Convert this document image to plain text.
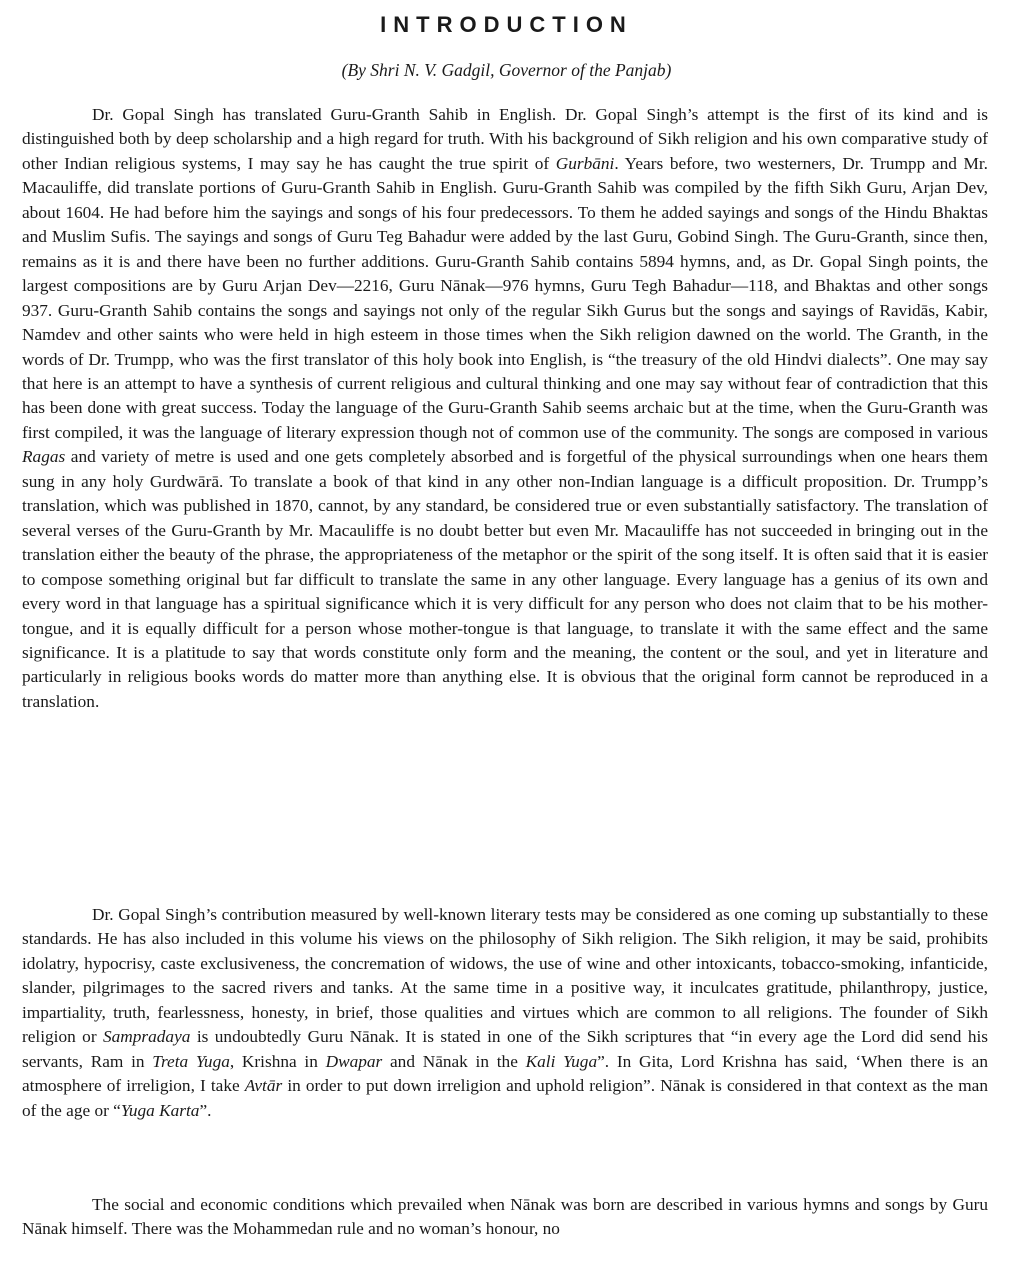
INTRODUCTION
(By Shri N. V. Gadgil, Governor of the Panjab)

Dr. Gopal Singh has translated Guru-Granth Sahib in English. Dr. Gopal Singh’s attempt is the first of its kind and is distinguished both by deep scholarship and a high regard for truth. With his background of Sikh religion and his own comparative study of other Indian religious systems, I may say he has caught the true spirit of Gurbāni. Years before, two westerners, Dr. Trumpp and Mr. Macauliffe, did translate portions of Guru-Granth Sahib in English. Guru-Granth Sahib was compiled by the fifth Sikh Guru, Arjan Dev, about 1604. He had before him the sayings and songs of his four predecessors. To them he added sayings and songs of the Hindu Bhaktas and Muslim Sufis. The sayings and songs of Guru Teg Bahadur were added by the last Guru, Gobind Singh. The Guru-Granth, since then, remains as it is and there have been no further additions. Guru-Granth Sahib contains 5894 hymns, and, as Dr. Gopal Singh points, the largest compositions are by Guru Arjan Dev—2216, Guru Nānak—976 hymns, Guru Tegh Bahadur—118, and Bhaktas and other songs 937. Guru-Granth Sahib contains the songs and sayings not only of the regular Sikh Gurus but the songs and sayings of Ravidās, Kabir, Namdev and other saints who were held in high esteem in those times when the Sikh religion dawned on the world. The Granth, in the words of Dr. Trumpp, who was the first translator of this holy book into English, is “the treasury of the old Hindvi dialects”. One may say that here is an attempt to have a synthesis of current religious and cultural thinking and one may say without fear of contradiction that this has been done with great success. Today the language of the Guru-Granth Sahib seems archaic but at the time, when the Guru-Granth was first compiled, it was the language of literary expression though not of common use of the community. The songs are composed in various Ragas and variety of metre is used and one gets completely absorbed and is forgetful of the physical surroundings when one hears them sung in any holy Gurdwārā. To translate a book of that kind in any other non-Indian language is a difficult proposition. Dr. Trumpp’s translation, which was published in 1870, cannot, by any standard, be considered true or even substantially satisfactory. The translation of several verses of the Guru-Granth by Mr. Macauliffe is no doubt better but even Mr. Macauliffe has not succeeded in bringing out in the translation either the beauty of the phrase, the appropriateness of the metaphor or the spirit of the song itself. It is often said that it is easier to compose something original but far difficult to translate the same in any other language. Every language has a genius of its own and every word in that language has a spiritual significance which it is very difficult for any person who does not claim that to be his mother-tongue, and it is equally difficult for a person whose mother-tongue is that language, to translate it with the same effect and the same significance. It is a platitude to say that words constitute only form and the meaning, the content or the soul, and yet in literature and particularly in religious books words do matter more than anything else. It is obvious that the original form cannot be reproduced in a translation.

Dr. Gopal Singh’s contribution measured by well-known literary tests may be considered as one coming up substantially to these standards. He has also included in this volume his views on the philosophy of Sikh religion. The Sikh religion, it may be said, prohibits idolatry, hypocrisy, caste exclusiveness, the concremation of widows, the use of wine and other intoxicants, tobacco-smoking, infanticide, slander, pilgrimages to the sacred rivers and tanks. At the same time in a positive way, it inculcates gratitude, philanthropy, justice, impartiality, truth, fearlessness, honesty, in brief, those qualities and virtues which are common to all religions. The founder of Sikh religion or Sampradaya is undoubtedly Guru Nānak. It is stated in one of the Sikh scriptures that “in every age the Lord did send his servants, Ram in Treta Yuga, Krishna in Dwapar and Nānak in the Kali Yuga”. In Gita, Lord Krishna has said, ‘When there is an atmosphere of irreligion, I take Avtār in order to put down irreligion and uphold religion”. Nānak is considered in that context as the man of the age or “Yuga Karta”.

The social and economic conditions which prevailed when Nānak was born are described in various hymns and songs by Guru Nānak himself. There was the Mohammedan rule and no woman’s honour, no
